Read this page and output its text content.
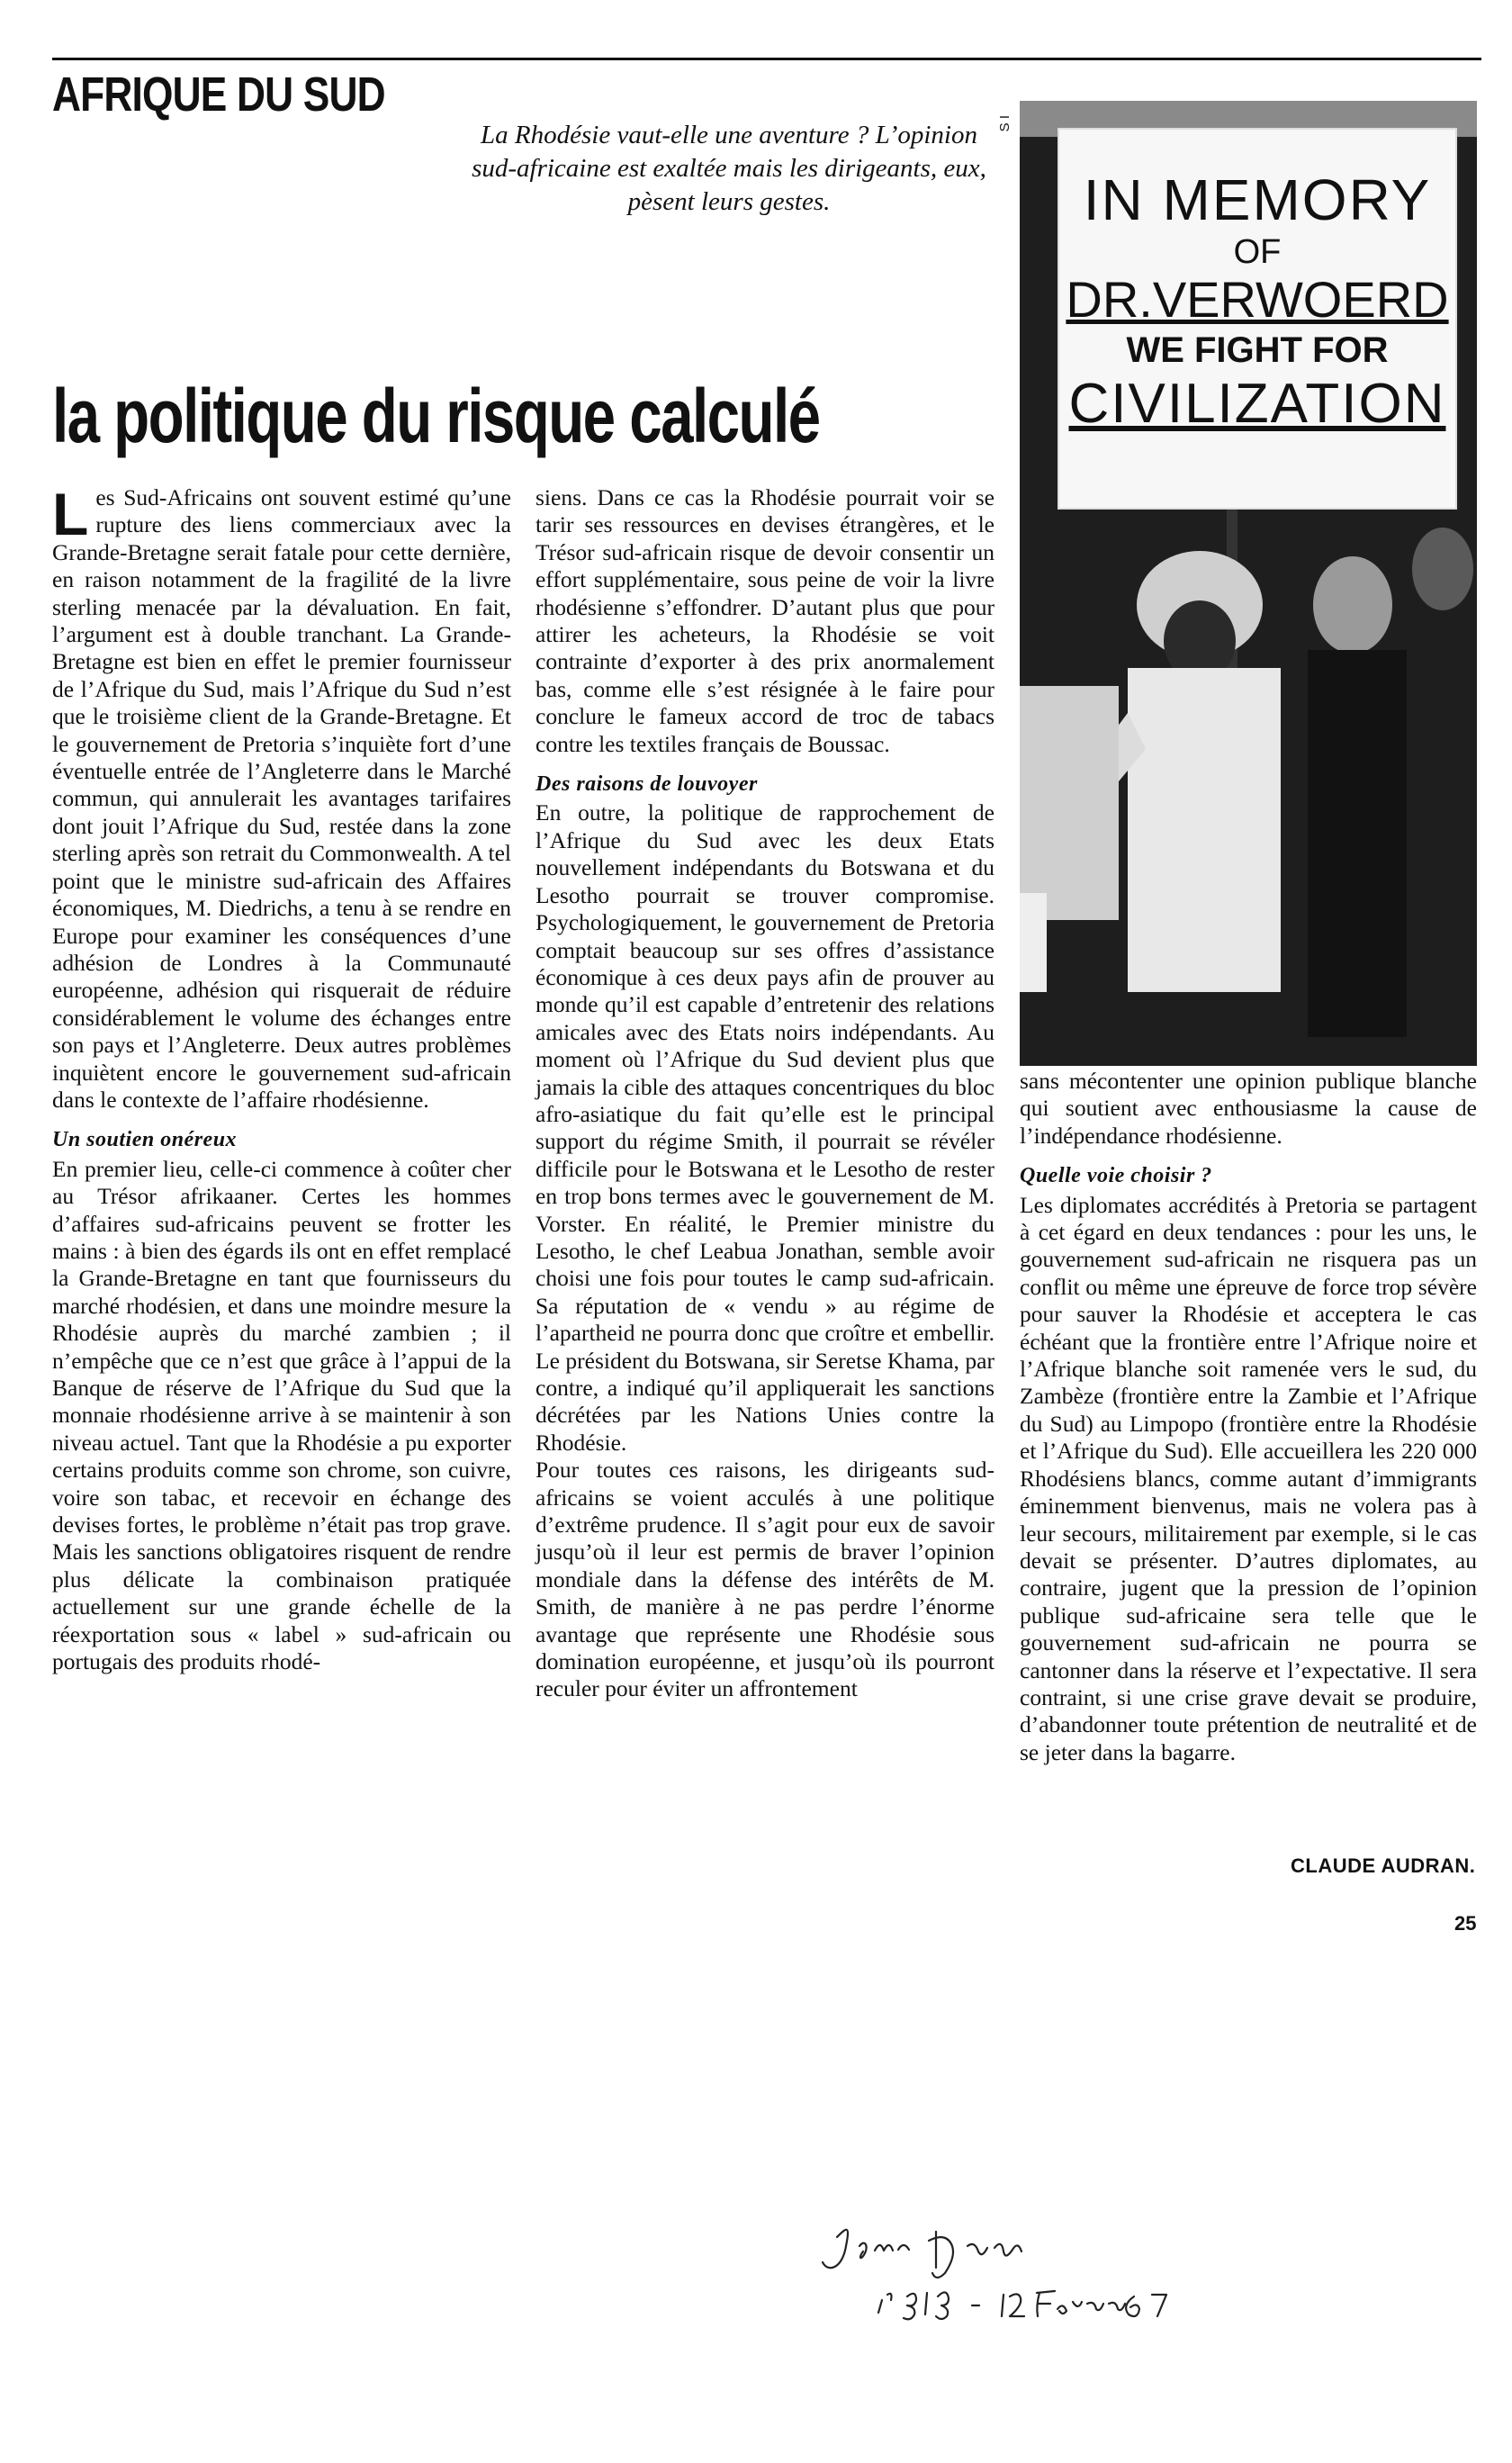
AFRIQUE DU SUD
La Rhodésie vaut-elle une aventure ? L’opinion sud-africaine est exaltée mais les dirigeants, eux, pèsent leurs gestes.
la politique du risque calculé
S I
IN MEMORY
OF
DR.VERWOERD
WE FIGHT FOR
CIVILIZATION

Les Sud-Africains ont souvent estimé qu’une rupture des liens commerciaux avec la Grande-Bretagne serait fatale pour cette dernière, en raison notamment de la fragilité de la livre sterling menacée par la dévaluation. En fait, l’argument est à double tranchant. La Grande-Bretagne est bien en effet le premier fournisseur de l’Afrique du Sud, mais l’Afrique du Sud n’est que le troisième client de la Grande-Bretagne. Et le gouvernement de Pretoria s’inquiète fort d’une éventuelle entrée de l’Angleterre dans le Marché commun, qui annulerait les avantages tarifaires dont jouit l’Afrique du Sud, restée dans la zone sterling après son retrait du Commonwealth. A tel point que le ministre sud-africain des Affaires économiques, M. Diedrichs, a tenu à se rendre en Europe pour examiner les conséquences d’une adhésion de Londres à la Communauté européenne, adhésion qui risquerait de réduire considérablement le volume des échanges entre son pays et l’Angleterre. Deux autres problèmes inquiètent encore le gouvernement sud-africain dans le contexte de l’affaire rhodésienne.

Un soutien onéreux

En premier lieu, celle-ci commence à coûter cher au Trésor afrikaaner. Certes les hommes d’affaires sud-africains peuvent se frotter les mains : à bien des égards ils ont en effet remplacé la Grande-Bretagne en tant que fournisseurs du marché rhodésien, et dans une moindre mesure la Rhodésie auprès du marché zambien ; il n’empêche que ce n’est que grâce à l’appui de la Banque de réserve de l’Afrique du Sud que la monnaie rhodésienne arrive à se maintenir à son niveau actuel. Tant que la Rhodésie a pu exporter certains produits comme son chrome, son cuivre, voire son tabac, et recevoir en échange des devises fortes, le problème n’était pas trop grave. Mais les sanctions obligatoires risquent de rendre plus délicate la combinaison pratiquée actuellement sur une grande échelle de la réexportation sous « label » sud-africain ou portugais des produits rhodé-

siens. Dans ce cas la Rhodésie pourrait voir se tarir ses ressources en devises étrangères, et le Trésor sud-africain risque de devoir consentir un effort supplémentaire, sous peine de voir la livre rhodésienne s’effondrer. D’autant plus que pour attirer les acheteurs, la Rhodésie se voit contrainte d’exporter à des prix anormalement bas, comme elle s’est résignée à le faire pour conclure le fameux accord de troc de tabacs contre les textiles français de Boussac.

Des raisons de louvoyer

En outre, la politique de rapprochement de l’Afrique du Sud avec les deux Etats nouvellement indépendants du Botswana et du Lesotho pourrait se trouver compromise. Psychologiquement, le gouvernement de Pretoria comptait beaucoup sur ses offres d’assistance économique à ces deux pays afin de prouver au monde qu’il est capable d’entretenir des relations amicales avec des Etats noirs indépendants. Au moment où l’Afrique du Sud devient plus que jamais la cible des attaques concentriques du bloc afro-asiatique du fait qu’elle est le principal support du régime Smith, il pourrait se révéler difficile pour le Botswana et le Lesotho de rester en trop bons termes avec le gouvernement de M. Vorster. En réalité, le Premier ministre du Lesotho, le chef Leabua Jonathan, semble avoir choisi une fois pour toutes le camp sud-africain. Sa réputation de « vendu » au régime de l’apartheid ne pourra donc que croître et embellir. Le président du Botswana, sir Seretse Khama, par contre, a indiqué qu’il appliquerait les sanctions décrétées par les Nations Unies contre la Rhodésie.

Pour toutes ces raisons, les dirigeants sud-africains se voient acculés à une politique d’extrême prudence. Il s’agit pour eux de savoir jusqu’où il leur est permis de braver l’opinion mondiale dans la défense des intérêts de M. Smith, de manière à ne pas perdre l’énorme avantage que représente une Rhodésie sous domination européenne, et jusqu’où ils pourront reculer pour éviter un affrontement

sans mécontenter une opinion publique blanche qui soutient avec enthousiasme la cause de l’indépendance rhodésienne.

Quelle voie choisir ?

Les diplomates accrédités à Pretoria se partagent à cet égard en deux tendances : pour les uns, le gouvernement sud-africain ne risquera pas un conflit ou même une épreuve de force trop sévère pour sauver la Rhodésie et acceptera le cas échéant que la frontière entre l’Afrique noire et l’Afrique blanche soit ramenée vers le sud, du Zambèze (frontière entre la Zambie et l’Afrique du Sud) au Limpopo (frontière entre la Rhodésie et l’Afrique du Sud). Elle accueillera les 220 000 Rhodésiens blancs, comme autant d’immigrants éminemment bienvenus, mais ne volera pas à leur secours, militairement par exemple, si le cas devait se présenter. D’autres diplomates, au contraire, jugent que la pression de l’opinion publique sud-africaine sera telle que le gouvernement sud-africain ne pourra se cantonner dans la réserve et l’expectative. Il sera contraint, si une crise grave devait se produire, d’abandonner toute prétention de neutralité et de se jeter dans la bagarre.

CLAUDE AUDRAN.
25
